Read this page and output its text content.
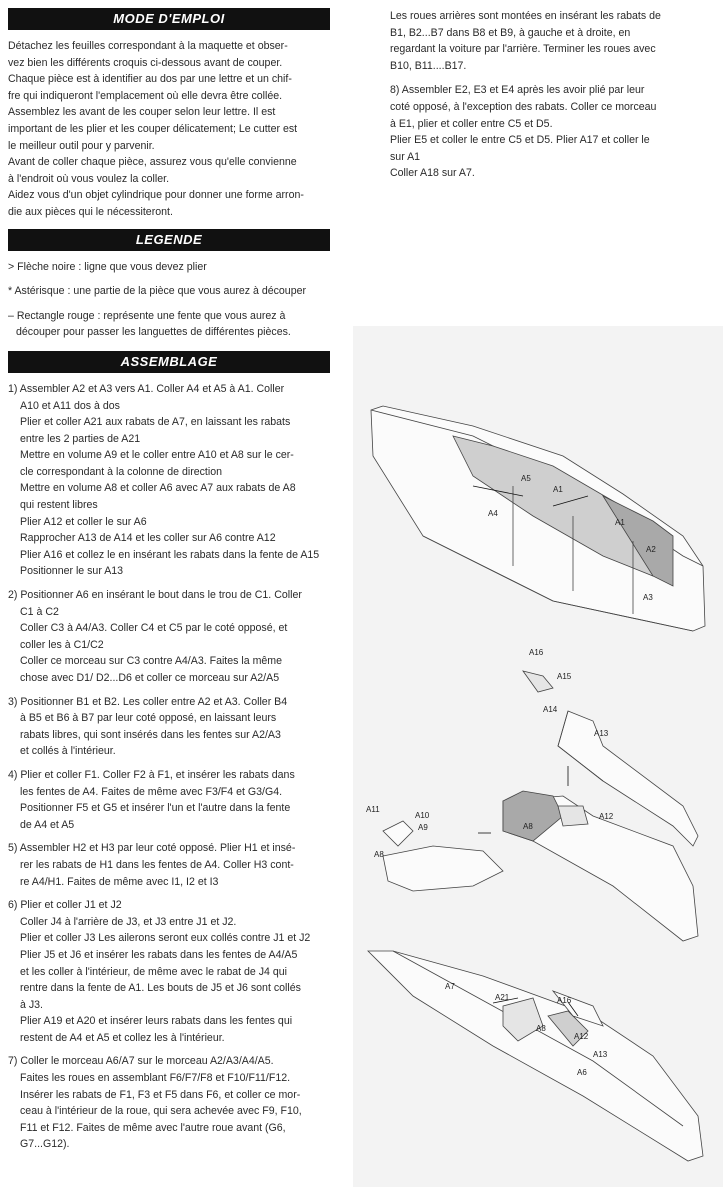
MODE D'EMPLOI

Détachez les feuilles correspondant à la maquette et obser-

vez bien les différents croquis ci-dessous avant de couper.

Chaque pièce est à identifier au dos par une lettre et un chif-

fre qui indiqueront l'emplacement où elle devra être collée.

Assemblez les avant de les couper selon leur lettre. Il est

important de les plier et les couper délicatement; Le cutter est

le meilleur outil pour y parvenir.

Avant de coller chaque pièce, assurez vous qu'elle convienne

à l'endroit où vous voulez la coller.

Aidez vous d'un objet cylindrique pour donner une forme arron-

die aux pièces qui le nécessiteront.

LEGENDE

> Flèche noire : ligne que vous devez plier

* Astérisque : une partie de la pièce que vous aurez à découper

– Rectangle rouge : représente une fente que vous aurez à découper pour passer les languettes de différentes pièces.

ASSEMBLAGE

1) Assembler A2 et A3 vers A1. Coller A4 et A5 à A1. Coller

A10 et A11 dos à dos

Plier et coller A21 aux rabats de A7, en laissant les rabats

entre les 2 parties de A21

Mettre en volume A9 et le coller entre A10 et A8 sur le cer-

cle correspondant à la colonne de direction

Mettre en volume A8 et coller A6 avec A7 aux rabats de A8

qui restent libres

Plier A12 et coller le sur A6

Rapprocher A13 de A14 et les coller sur A6 contre A12

Plier A16 et collez le en insérant les rabats dans la fente de A15

Positionner le sur A13

2) Positionner A6 en insérant le bout dans le trou de C1. Coller

C1 à C2

Coller C3 à A4/A3. Coller C4 et C5 par le coté opposé, et

coller les à C1/C2

Coller ce morceau sur C3 contre A4/A3. Faites la même

chose avec D1/ D2...D6 et coller ce morceau sur A2/A5

3) Positionner B1 et B2. Les coller entre A2 et A3. Coller B4

à B5 et B6 à B7 par leur coté opposé, en laissant leurs

rabats libres, qui sont insérés dans les fentes sur A2/A3

et collés à l'intérieur.

4) Plier et coller F1. Coller F2 à F1, et insérer les rabats dans

les fentes de A4. Faites de même avec F3/F4 et G3/G4.

Positionner F5 et G5 et insérer l'un et l'autre dans la fente

de A4 et A5

5) Assembler H2 et H3 par leur coté opposé. Plier H1 et insé-

rer les rabats de H1 dans les fentes de A4. Coller H3 cont-

re A4/H1. Faites de même avec I1, I2 et I3

6) Plier et coller J1 et J2

Coller J4 à l'arrière de J3, et J3 entre J1 et J2.

Plier et coller J3 Les ailerons seront eux collés contre J1 et J2

Plier J5 et J6 et insérer les rabats dans les fentes de A4/A5

et les coller à l'intérieur, de même avec le rabat de J4 qui

rentre dans la fente de A1. Les bouts de J5 et J6 sont collés

à J3.

Plier A19 et A20 et insérer leurs rabats dans les fentes qui

restent de A4 et A5 et collez les à l'intérieur.

7) Coller le morceau A6/A7 sur le morceau A2/A3/A4/A5.

Faites les roues en assemblant F6/F7/F8 et F10/F11/F12.

Insérer les rabats de F1, F3 et F5 dans F6, et coller ce mor-

ceau à l'intérieur de la roue, qui sera achevée avec F9, F10,

F11 et F12. Faites de même avec l'autre roue avant (G6,

G7...G12).

Les roues arrières sont montées en insérant les rabats de

B1, B2...B7 dans B8 et B9, à gauche et à droite, en

regardant la voiture par l'arrière. Terminer les roues avec

B10, B11....B17.

8) Assembler E2, E3 et E4 après les avoir plié par leur

coté opposé, à l'exception des rabats. Coller ce morceau

à E1, plier et coller entre C5 et D5.

Plier E5 et coller le entre C5 et D5. Plier A17 et coller le

sur A1

Coller A18 sur A7.

A5
A1
A4
A1
A2
A3
A16
A15
A14
A13
A11
A10
A9
A8
A8
A12
A7
A21	A16
A8
A12
A13
A6
